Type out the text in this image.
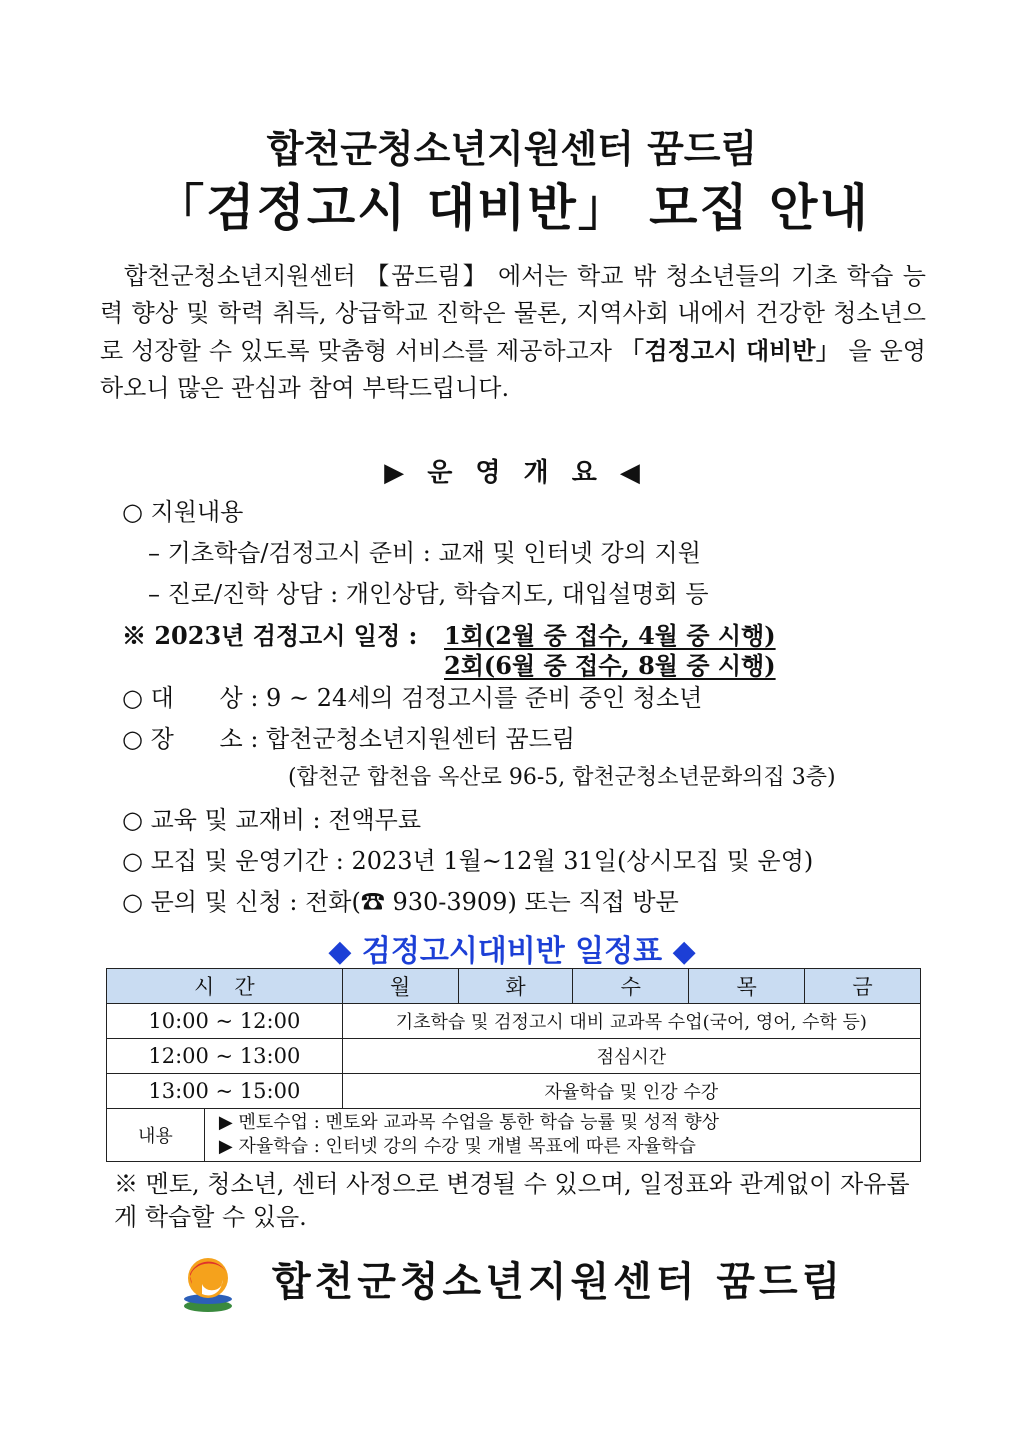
합천군청소년지원센터 꿈드림
「검정고시 대비반」 모집 안내
합천군청소년지원센터 【꿈드림】 에서는 학교 밖 청소년들의 기초 학습 능력 향상 및 학력 취득, 상급학교 진학은 물론, 지역사회 내에서 건강한 청소년으로 성장할 수 있도록 맞춤형 서비스를 제공하고자 「검정고시 대비반」 을 운영하오니 많은 관심과 참여 부탁드립니다.
▶ 운 영 개 요 ◀
○ 지원내용
– 기초학습/검정고시 준비 : 교재 및 인터넷 강의 지원
– 진로/진학 상담 : 개인상담, 학습지도, 대입설명회 등
※ 2023년 검정고시 일정 : 1회(2월 중 접수, 4월 중 시행)
2회(6월 중 접수, 8월 중 시행)
○ 대      상 : 9 ~ 24세의 검정고시를 준비 중인 청소년
○ 장      소 : 합천군청소년지원센터 꿈드림
(합천군 합천읍 옥산로 96-5, 합천군청소년문화의집 3층)
○ 교육 및 교재비 : 전액무료
○ 모집 및 운영기간 : 2023년 1월~12월 31일(상시모집 및 운영)
○ 문의 및 신청 : 전화(☎ 930-3909) 또는 직접 방문
◆ 검정고시대비반 일정표 ◆
시   간		월	화	수	목	금
10:00 ~ 12:00		기초학습 및 검정고시 대비 교과목 수업(국어, 영어, 수학 등)				
12:00 ~ 13:00		점심시간				
13:00 ~ 15:00		자율학습 및 인강 수강				
내용	▶ 멘토수업 : 멘토와 교과목 수업을 통한 학습 능률 및 성적 향상
▶ 자율학습 : 인터넷 강의 수강 및 개별 목표에 따른 자율학습					
※ 멘토, 청소년, 센터 사정으로 변경될 수 있으며, 일정표와 관계없이 자유롭게 학습할 수 있음.
합천군청소년지원센터 꿈드림
